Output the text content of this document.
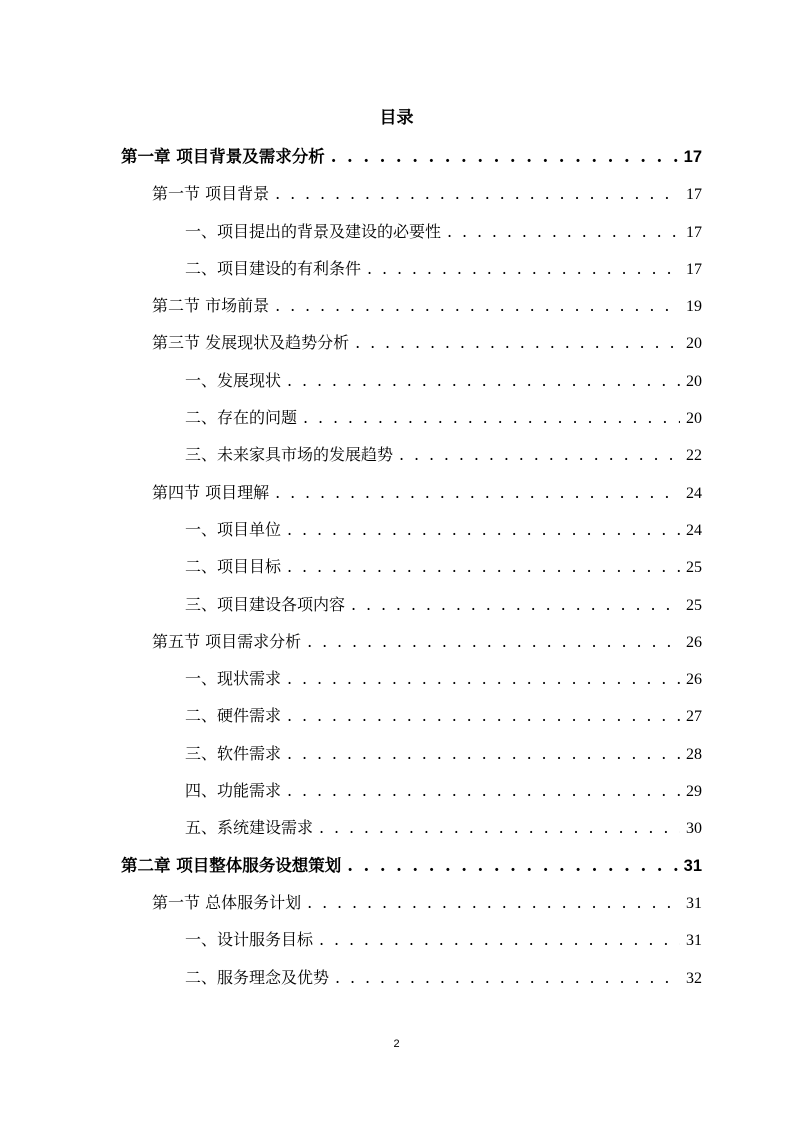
目录
第一章 项目背景及需求分析 . . .	17
第一节 项目背景 . . .	17
一、项目提出的背景及建设的必要性 . . .	17
二、项目建设的有利条件 . . .	17
第二节 市场前景 . . .	19
第三节 发展现状及趋势分析 . . .	20
一、发展现状 . . .	20
二、存在的问题 . . .	20
三、未来家具市场的发展趋势 . . .	22
第四节 项目理解 . . .	24
一、项目单位 . . .	24
二、项目目标 . . .	25
三、项目建设各项内容 . . .	25
第五节 项目需求分析 . . .	26
一、现状需求 . . .	26
二、硬件需求 . . .	27
三、软件需求 . . .	28
四、功能需求 . . .	29
五、系统建设需求 . . .	30
第二章 项目整体服务设想策划 . . .	31
第一节 总体服务计划 . . .	31
一、设计服务目标 . . .	31
二、服务理念及优势 . . .	32
2
